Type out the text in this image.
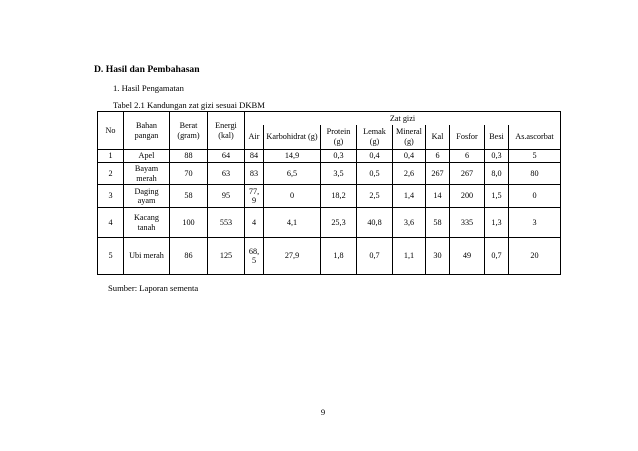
D. Hasil dan Pembahasan
1. Hasil Pengamatan
Tabel 2.1 Kandungan zat gizi sesuai DKBM
No	Bahan pangan	Berat (gram)	Energi (kal)	Zat gizi								
				Air	Karbohidrat (g)	Protein (g)	Lemak (g)	Mineral (g)	Kal	Fosfor	Besi	As.ascorbat
1	Apel	88	64	84	14,9	0,3	0,4	0,4	6	6	0,3	5
2	Bayam merah	70	63	83	6,5	3,5	0,5	2,6	267	267	8,0	80
3	Daging ayam	58	95	77, 9	0	18,2	2,5	1,4	14	200	1,5	0
4	Kacang tanah	100	553	4	4,1	25,3	40,8	3,6	58	335	1,3	3
5	Ubi merah	86	125	68, 5	27,9	1,8	0,7	1,1	30	49	0,7	20
Sumber: Laporan sementa
9
